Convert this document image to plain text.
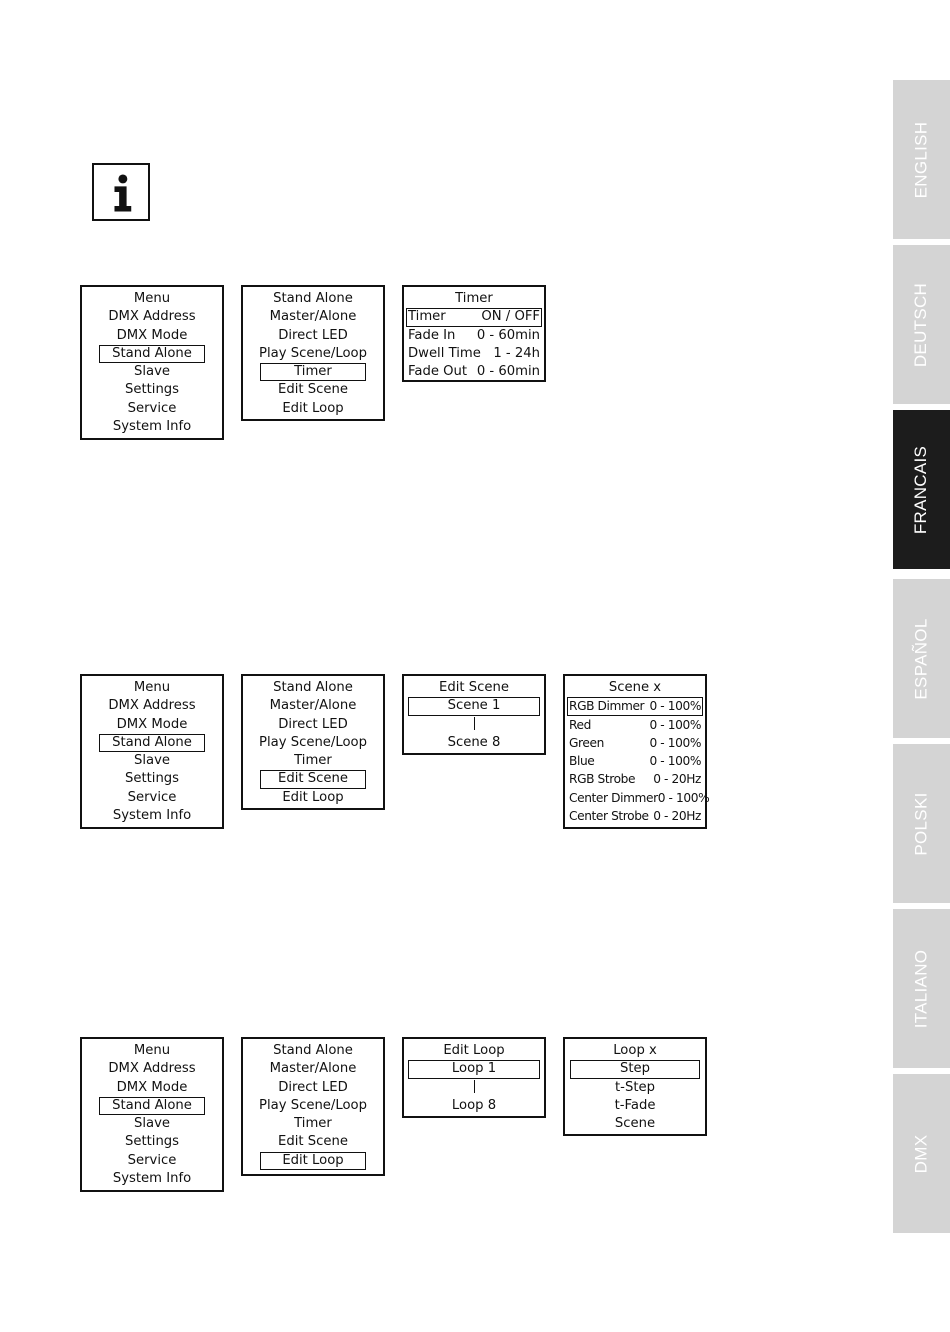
Menu
DMX Address
DMX Mode
Stand Alone
Slave
Settings
Service
System Info
Stand Alone
Master/Alone
Direct LED
Play Scene/Loop
Timer
Edit Scene
Edit Loop
Timer
Timer	ON / OFF
Fade In 0 - 60min
Dwell Time 1 - 24h
Fade Out 0 - 60min
Menu
DMX Address
DMX Mode
Stand Alone
Slave
Settings
Service
System Info
Stand Alone
Master/Alone
Direct LED
Play Scene/Loop
Timer
Edit Scene
Edit Loop
Edit Scene
Scene 1
Scene 8
Scene x
RGB Dimmer 0 - 100%
Red	0 - 100%
Green	0 - 100%
Blue	0 - 100%
RGB Strobe 0 - 20Hz
Center Dimmer 0 - 100%
Center Strobe 0 - 20Hz
Menu
DMX Address
DMX Mode
Stand Alone
Slave
Settings
Service
System Info
Stand Alone
Master/Alone
Direct LED
Play Scene/Loop
Timer
Edit Scene
Edit Loop
Edit Loop
Loop 1
Loop 8
Loop x
Step
t-Step
t-Fade
Scene
ENGLISH
DEUTSCH
FRANCAIS
ESPAÑOL
POLSKI
ITALIANO
DMX
